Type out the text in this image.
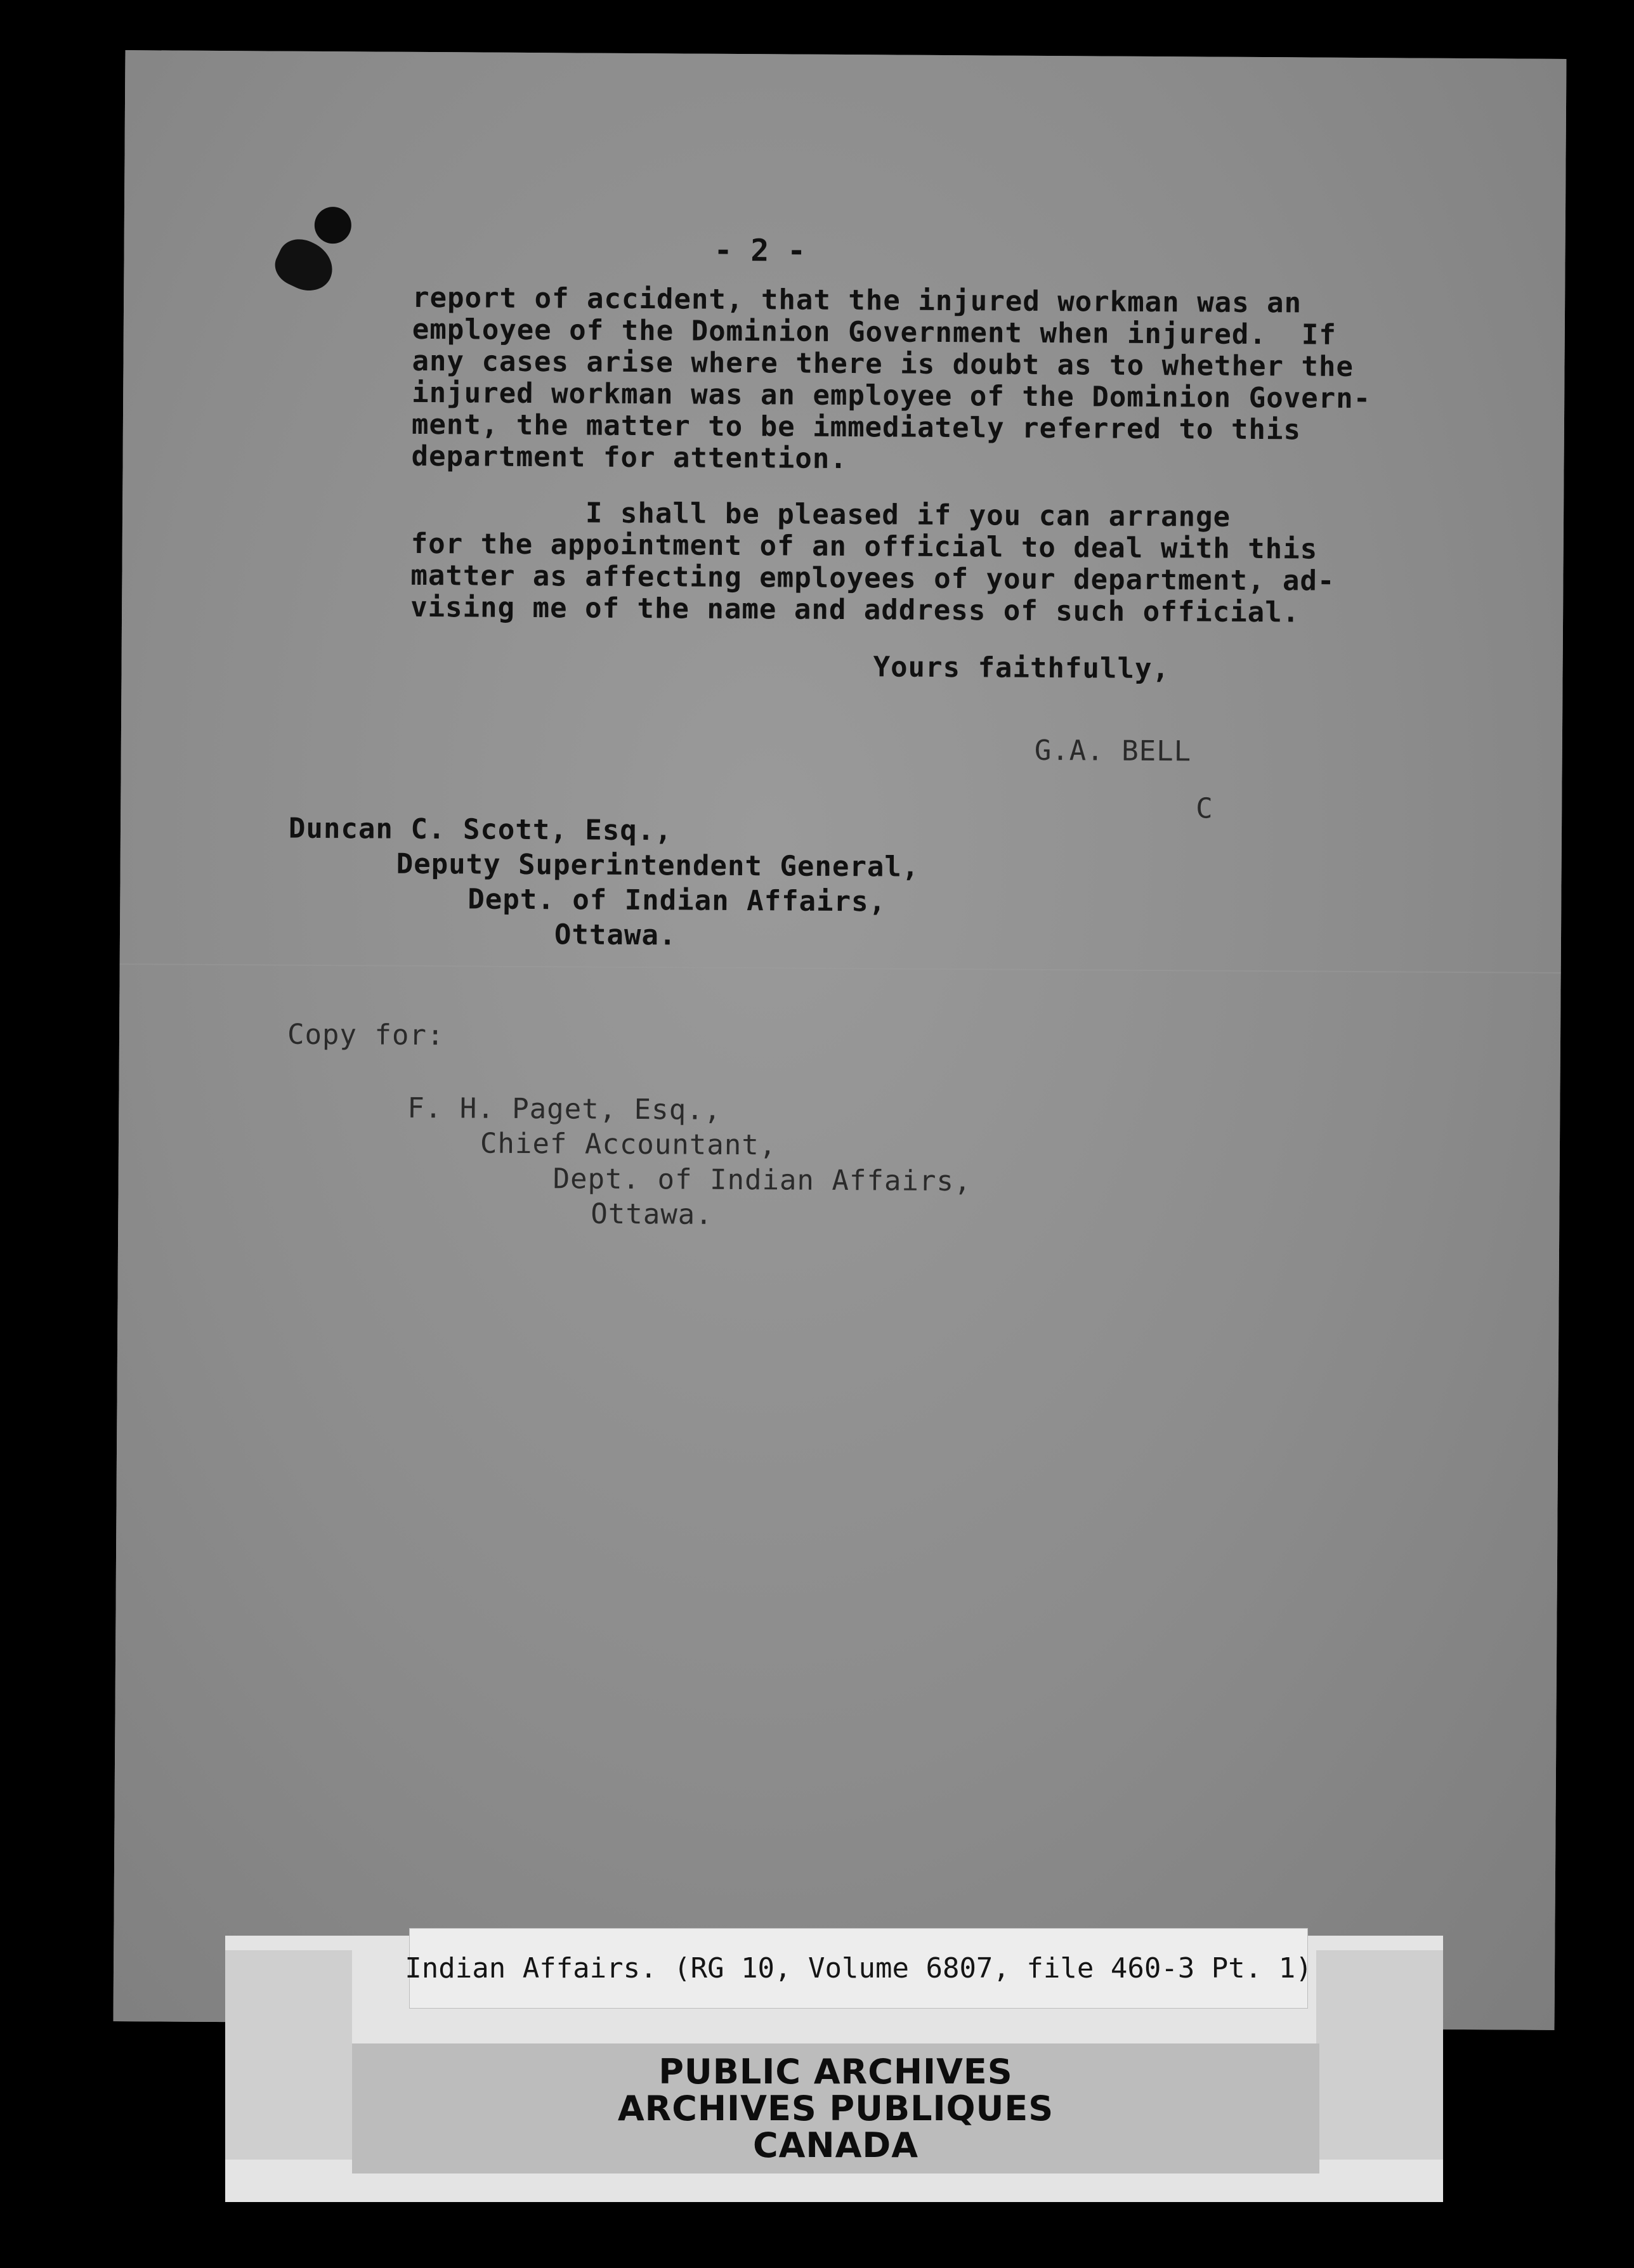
- 2 -
report of accident, that the injured workman was an
employee of the Dominion Government when injured.  If
any cases arise where there is doubt as to whether the
injured workman was an employee of the Dominion Govern-
ment, the matter to be immediately referred to this
department for attention.
I shall be pleased if you can arrange
for the appointment of an official to deal with this
matter as affecting employees of your department, ad-
vising me of the name and address of such official.
Yours faithfully,
G.A. BELL
C
Duncan C. Scott, Esq.,
Deputy Superintendent General,
Dept. of Indian Affairs,
Ottawa.
Copy for:
F. H. Paget, Esq.,
Chief Accountant,
Dept. of Indian Affairs,
Ottawa.
Indian Affairs. (RG 10, Volume 6807, file 460-3 Pt. 1)
PUBLIC ARCHIVES
ARCHIVES PUBLIQUES
CANADA
